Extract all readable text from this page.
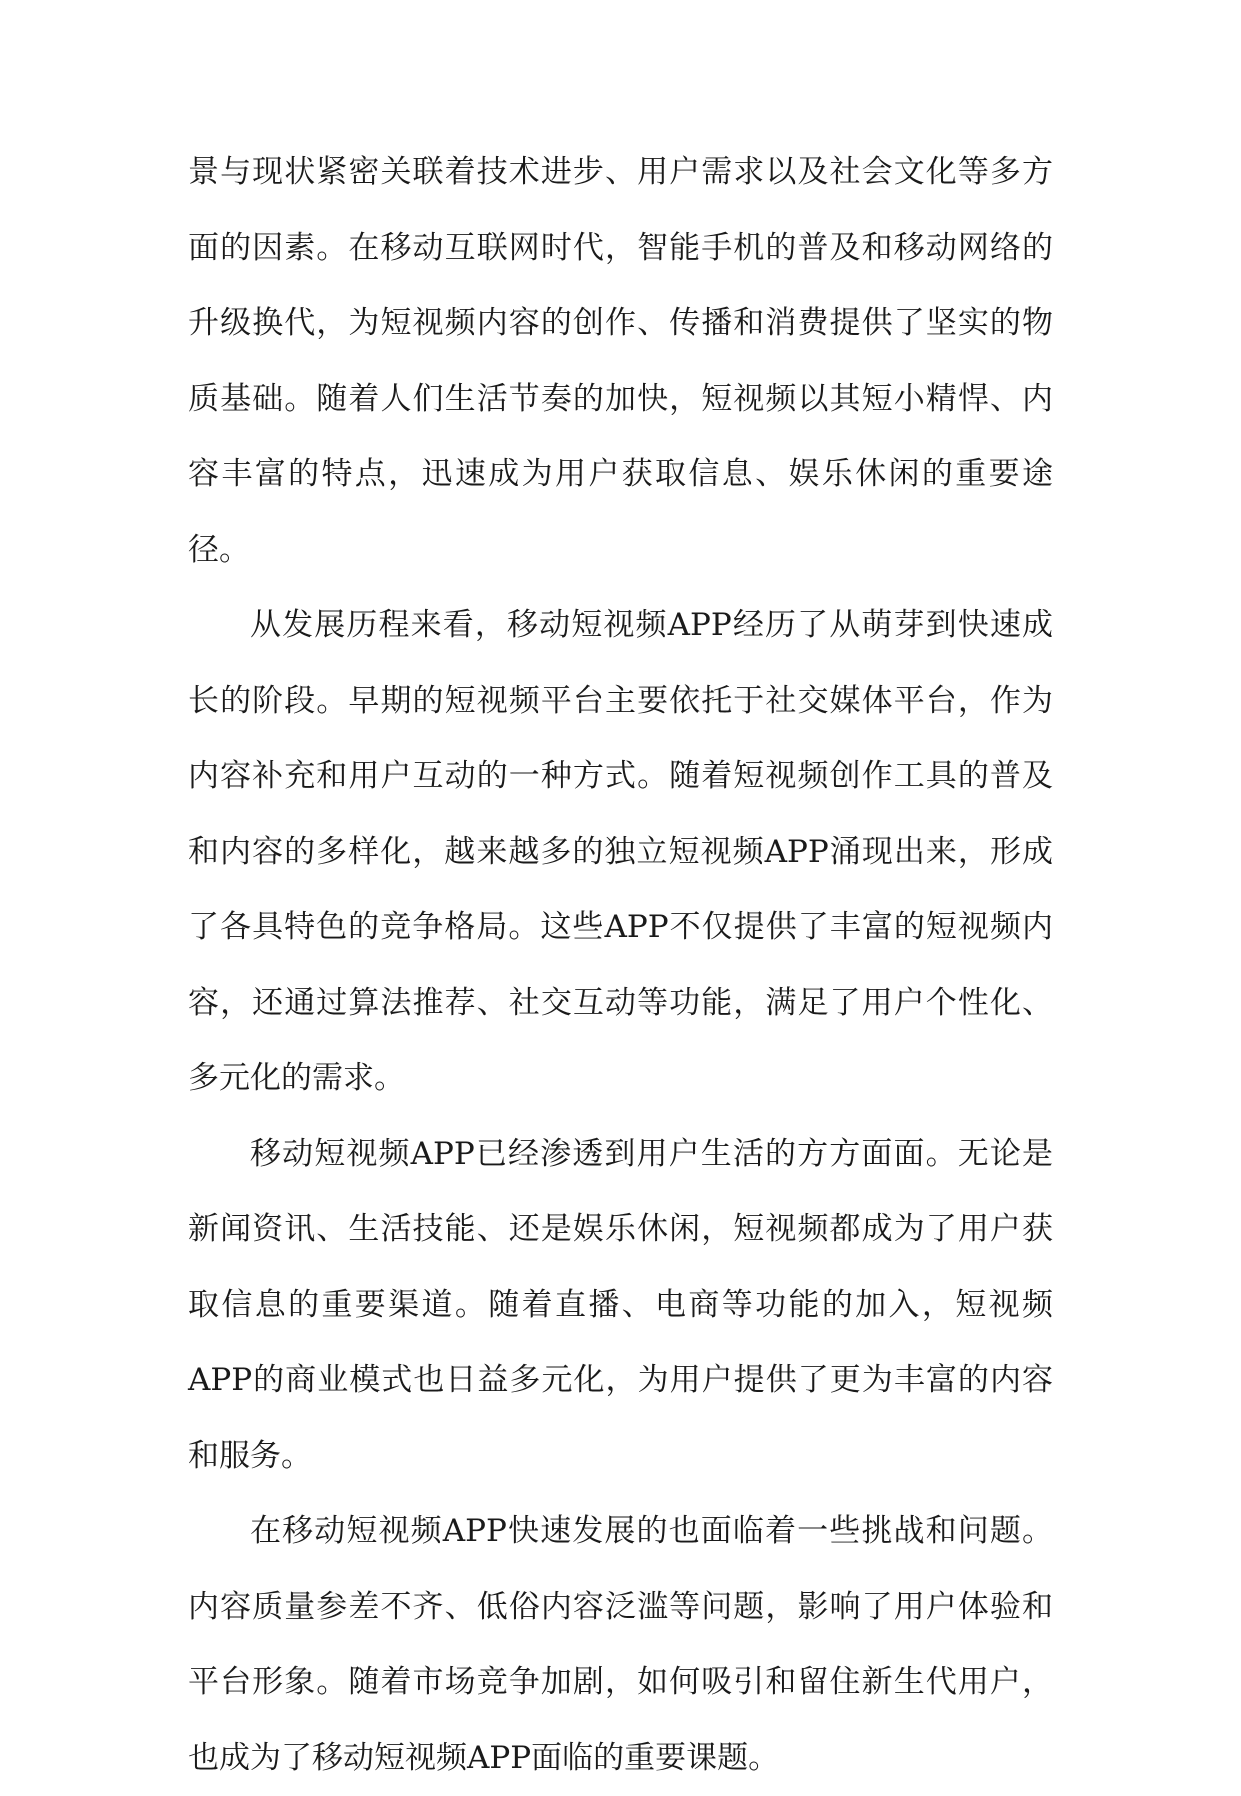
景与现状紧密关联着技术进步、用户需求以及社会文化等多方面的因素。在移动互联网时代，智能手机的普及和移动网络的升级换代，为短视频内容的创作、传播和消费提供了坚实的物质基础。随着人们生活节奏的加快，短视频以其短小精悍、内容丰富的特点，迅速成为用户获取信息、娱乐休闲的重要途径。

从发展历程来看，移动短视频APP经历了从萌芽到快速成长的阶段。早期的短视频平台主要依托于社交媒体平台，作为内容补充和用户互动的一种方式。随着短视频创作工具的普及和内容的多样化，越来越多的独立短视频APP涌现出来，形成了各具特色的竞争格局。这些APP不仅提供了丰富的短视频内容，还通过算法推荐、社交互动等功能，满足了用户个性化、多元化的需求。

移动短视频APP已经渗透到用户生活的方方面面。无论是新闻资讯、生活技能、还是娱乐休闲，短视频都成为了用户获取信息的重要渠道。随着直播、电商等功能的加入，短视频APP的商业模式也日益多元化，为用户提供了更为丰富的内容和服务。

在移动短视频APP快速发展的也面临着一些挑战和问题。内容质量参差不齐、低俗内容泛滥等问题，影响了用户体验和平台形象。随着市场竞争加剧，如何吸引和留住新生代用户，也成为了移动短视频APP面临的重要课题。
